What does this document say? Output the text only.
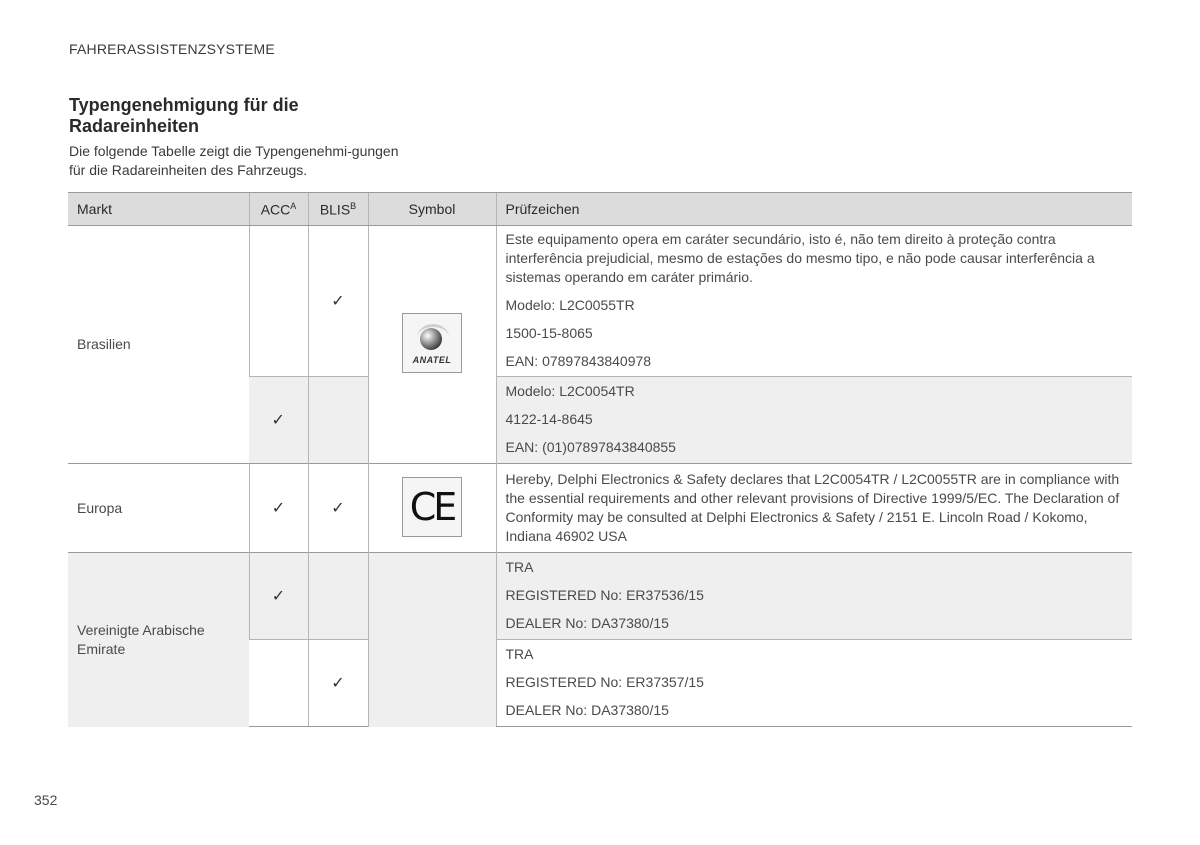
FAHRERASSISTENZSYSTEME
Typengenehmigung für die Radareinheiten
Die folgende Tabelle zeigt die Typengenehmi-gungen für die Radareinheiten des Fahrzeugs.
Markt	$ACC^A$	$BLIS^B$	Symbol	Prüfzeichen
Brasilien		✓	ANATEL	Este equipamento opera em caráter secundário, isto é, não tem direito à proteção contra interferência prejudicial, mesmo de estações do mesmo tipo, e não pode causar interferência a sistemas operando em caráter primário.

Modelo: L2C0055TR

1500-15-8065

EAN: 07897843840978

	✓			Modelo: L2C0054TR

4122-14-8645

EAN: (01)07897843840855

Europa	✓	✓	CE	Hereby, Delphi Electronics & Safety declares that L2C0054TR / L2C0055TR are in compliance with the essential requirements and other relevant provisions of Directive 1999/5/EC. The Declaration of Conformity may be consulted at Delphi Electronics & Safety / 2151 E. Lincoln Road / Kokomo, Indiana 46902 USA

Vereinigte Arabische Emirate	✓			TRA

REGISTERED No: ER37536/15

DEALER No: DA37380/15

		✓		TRA

REGISTERED No: ER37357/15

DEALER No: DA37380/15

352
